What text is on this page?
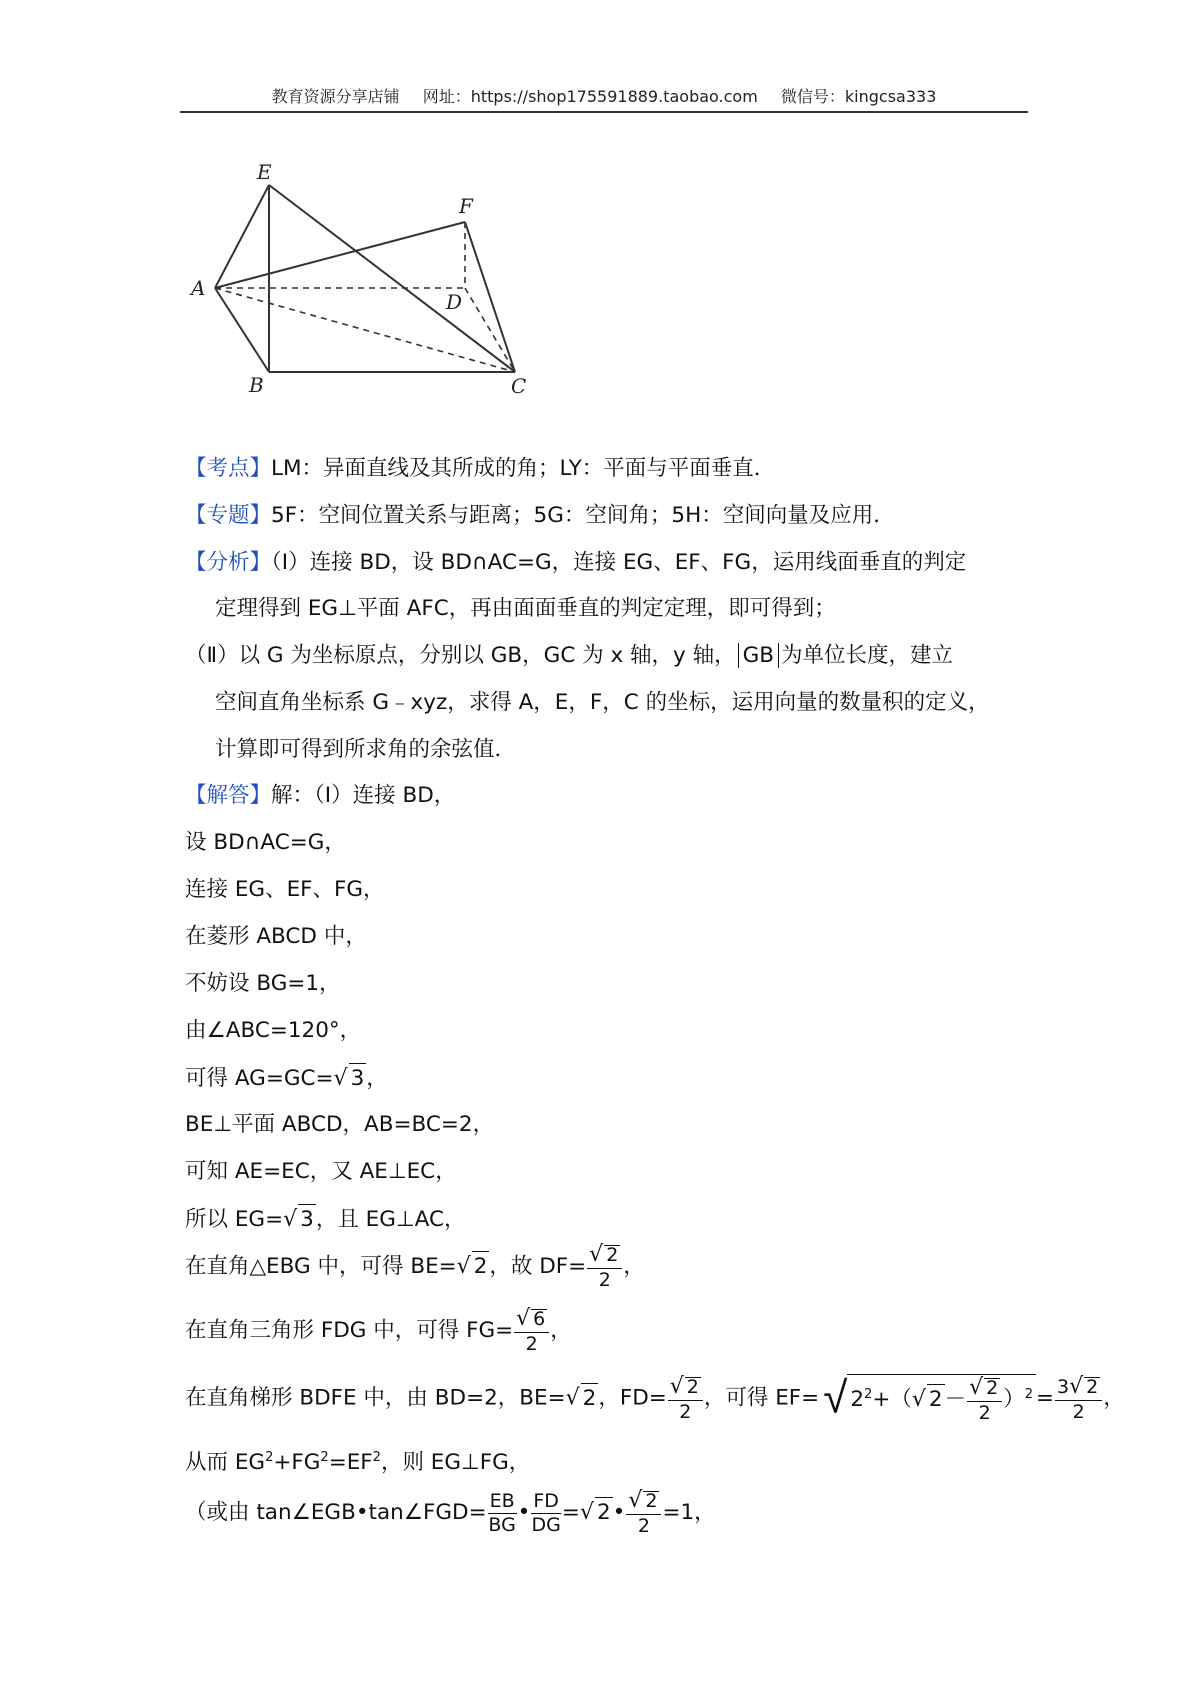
教育资源分享店铺 网址：https://shop175591889.taobao.com 微信号：kingcsa333
E
F
A
D
B	C
【考点】LM：异面直线及其所成的角；LY：平面与平面垂直．
【专题】5F：空间位置关系与距离；5G：空间角；5H：空间向量及应用．
【分析】（Ⅰ）连接 BD，设 BD∩AC=G，连接 EG、EF、FG，运用线面垂直的判定
定理得到 EG⊥平面 AFC，再由面面垂直的判定定理，即可得到；
（Ⅱ）以 G 为坐标原点，分别以 GB，GC 为 x 轴，y 轴， GB 为单位长度，建立
空间直角坐标系 G﹣xyz，求得 A，E，F，C 的坐标，运用向量的数量积的定义，
计算即可得到所求角的余弦值．
【解答】解：（Ⅰ）连接 BD，
设 BD∩AC=G，
连接 EG、EF、FG，
在菱形 ABCD 中，
不妨设 BG=1，
由∠ABC=120°，
可得 AG=GC=√ 3，
BE⊥平面 ABCD，AB=BC=2，
可知 AE=EC，又 AE⊥EC，
所以 EG=√ 3，且 EG⊥AC，
在直角△EBG 中，可得 BE=√ 2，故 $DF= \frac{√ 2}{2}$ ，
在直角三角形 FDG 中，可得 $FG= \frac{√ 6}{2}$ ，
在直角梯形 BDFE 中，由 BD=2，BE=√ 2，$FD= \frac{√ 2}{2}$ ，可得 EF=√ $2^2+(√$ $2- \frac{√ 2}{2} )^2 = \frac{3√ 2}{2}$ ，
从而 $EG^2+FG^2=EF^2$，则 EG⊥FG，
（或由 tan∠EGB•tan∠FGD= $\frac{EB}{BG}$ • $\frac{FD}{DG}$ =√ 2• $\frac{√ 2}{2} =1$，
